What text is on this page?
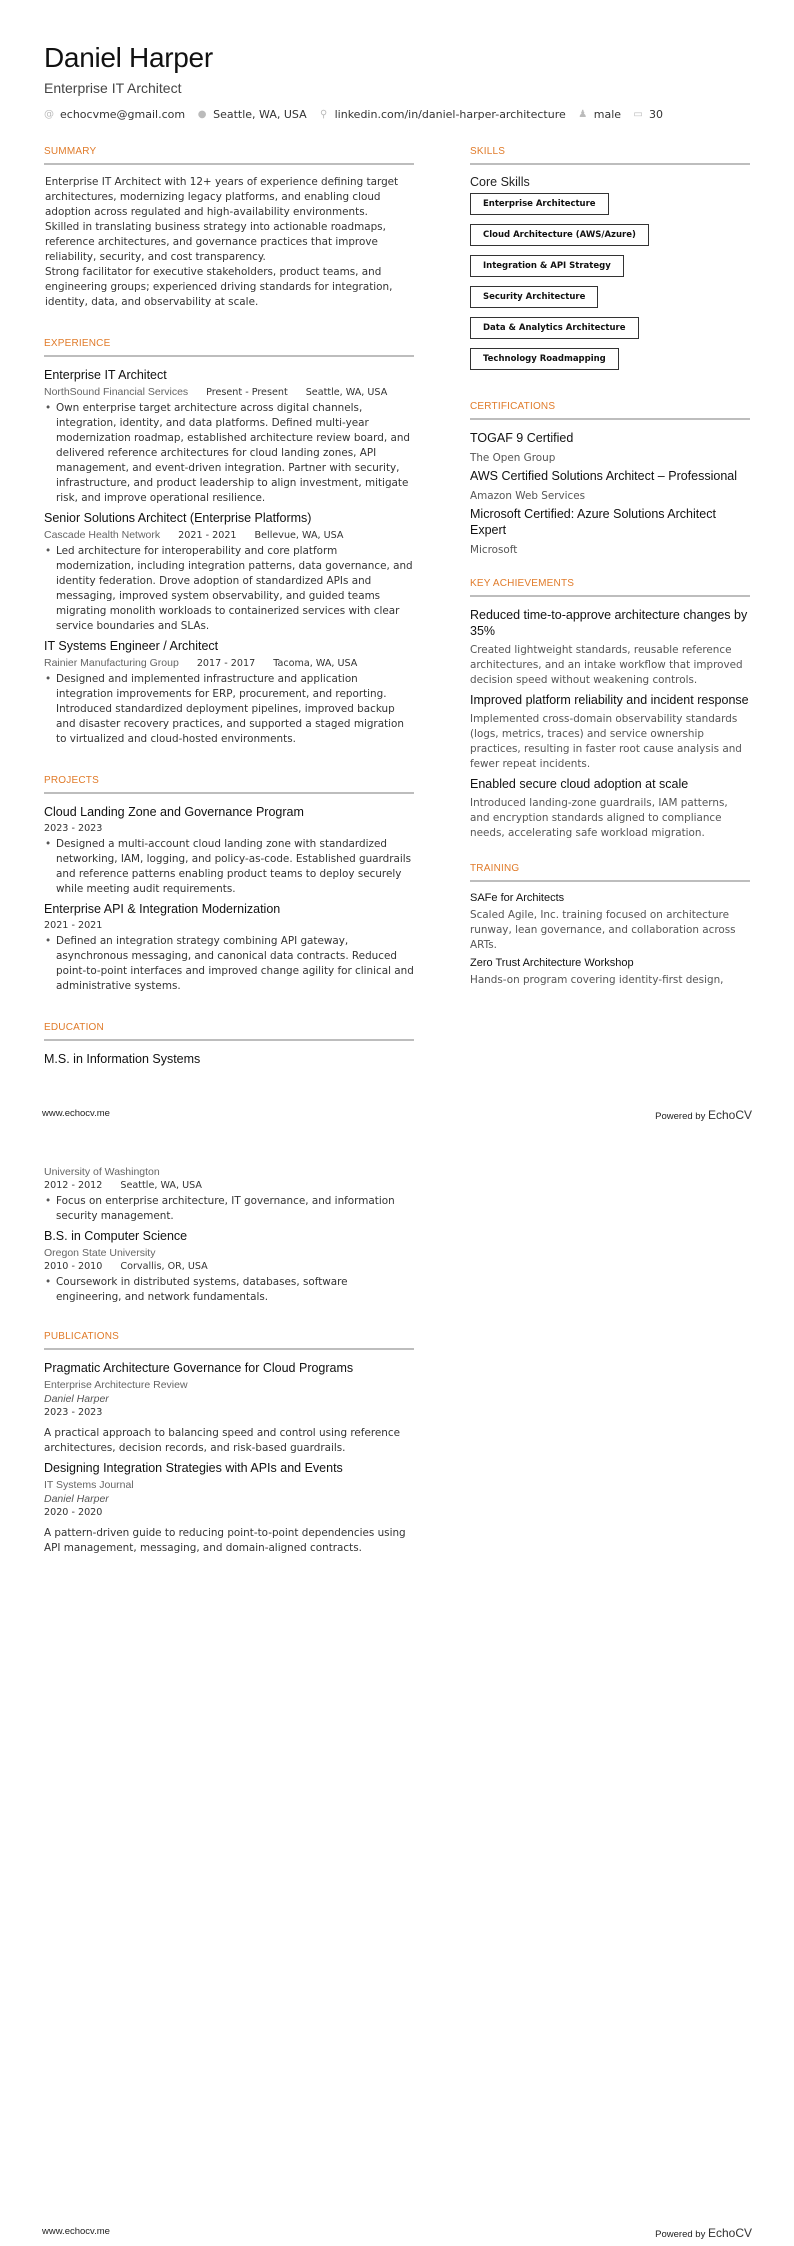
Daniel Harper
Enterprise IT Architect
@ echocvme@gmail.com ● Seattle, WA, USA ⚲ linkedin.com/in/daniel-harper-architecture ♟ male ▭ 30
SUMMARY

Enterprise IT Architect with 12+ years of experience defining target architectures, modernizing legacy platforms, and enabling cloud adoption across regulated and high-availability environments.

Skilled in translating business strategy into actionable roadmaps, reference architectures, and governance practices that improve reliability, security, and cost transparency.

Strong facilitator for executive stakeholders, product teams, and engineering groups; experienced driving standards for integration, identity, data, and observability at scale.

EXPERIENCE
Enterprise IT Architect
NorthSound Financial Services Present - Present Seattle, WA, USA
• Own enterprise target architecture across digital channels, integration, identity, and data platforms. Defined multi-year modernization roadmap, established architecture review board, and delivered reference architectures for cloud landing zones, API management, and event-driven integration. Partner with security, infrastructure, and product leadership to align investment, mitigate risk, and improve operational resilience.
Senior Solutions Architect (Enterprise Platforms)
Cascade Health Network 2021 - 2021 Bellevue, WA, USA
• Led architecture for interoperability and core platform modernization, including integration patterns, data governance, and identity federation. Drove adoption of standardized APIs and messaging, improved system observability, and guided teams migrating monolith workloads to containerized services with clear service boundaries and SLAs.
IT Systems Engineer / Architect
Rainier Manufacturing Group 2017 - 2017 Tacoma, WA, USA
• Designed and implemented infrastructure and application integration improvements for ERP, procurement, and reporting. Introduced standardized deployment pipelines, improved backup and disaster recovery practices, and supported a staged migration to virtualized and cloud-hosted environments.
PROJECTS
Cloud Landing Zone and Governance Program
2023 - 2023
• Designed a multi-account cloud landing zone with standardized networking, IAM, logging, and policy-as-code. Established guardrails and reference patterns enabling product teams to deploy securely while meeting audit requirements.
Enterprise API & Integration Modernization
2021 - 2021
• Defined an integration strategy combining API gateway, asynchronous messaging, and canonical data contracts. Reduced point-to-point interfaces and improved change agility for clinical and administrative systems.
EDUCATION
M.S. in Information Systems
SKILLS
Core Skills
Enterprise Architecture
Cloud Architecture (AWS/Azure)
Integration & API Strategy
Security Architecture
Data & Analytics Architecture
Technology Roadmapping
CERTIFICATIONS
TOGAF 9 Certified
The Open Group
AWS Certified Solutions Architect – Professional
Amazon Web Services
Microsoft Certified: Azure Solutions Architect Expert
Microsoft
KEY ACHIEVEMENTS
Reduced time-to-approve architecture changes by 35%
Created lightweight standards, reusable reference architectures, and an intake workflow that improved decision speed without weakening controls.
Improved platform reliability and incident response
Implemented cross-domain observability standards (logs, metrics, traces) and service ownership practices, resulting in faster root cause analysis and fewer repeat incidents.
Enabled secure cloud adoption at scale
Introduced landing-zone guardrails, IAM patterns, and encryption standards aligned to compliance needs, accelerating safe workload migration.
TRAINING
SAFe for Architects
Scaled Agile, Inc. training focused on architecture runway, lean governance, and collaboration across ARTs.
Zero Trust Architecture Workshop
Hands-on program covering identity-first design,
www.echocv.me	Powered by EchoCV
University of Washington
2012 - 2012 Seattle, WA, USA
• Focus on enterprise architecture, IT governance, and information security management.
B.S. in Computer Science
Oregon State University
2010 - 2010 Corvallis, OR, USA
• Coursework in distributed systems, databases, software engineering, and network fundamentals.
PUBLICATIONS
Pragmatic Architecture Governance for Cloud Programs
Enterprise Architecture Review
Daniel Harper
2023 - 2023
A practical approach to balancing speed and control using reference architectures, decision records, and risk-based guardrails.
Designing Integration Strategies with APIs and Events
IT Systems Journal
Daniel Harper
2020 - 2020
A pattern-driven guide to reducing point-to-point dependencies using API management, messaging, and domain-aligned contracts.
www.echocv.me	Powered by EchoCV
